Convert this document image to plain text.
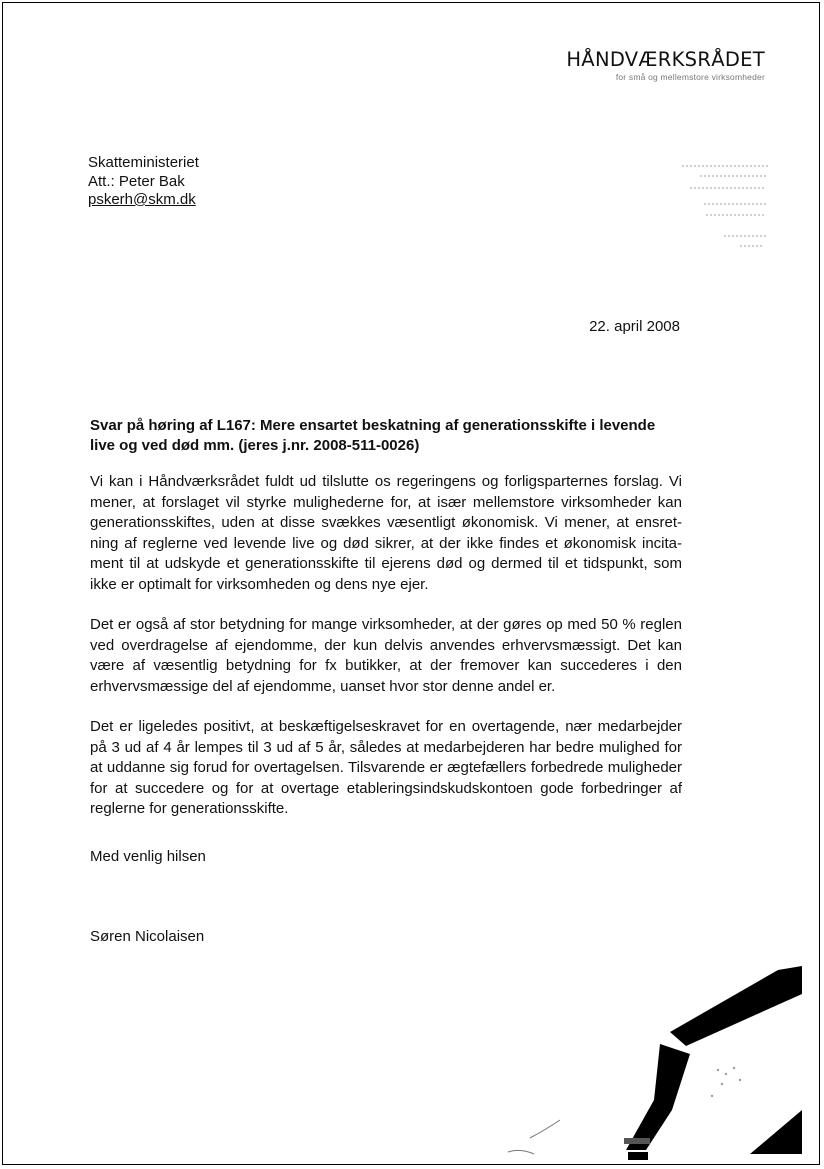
HÅNDVÆRKSRÅDET
for små og mellemstore virksomheder
Skatteministeriet
Att.: Peter Bak
pskerh@skm.dk
22. april 2008
Svar på høring af L167: Mere ensartet beskatning af generationsskifte i levende live og ved død mm. (jeres j.nr. 2008-511-0026)

Vi kan i Håndværksrådet fuldt ud tilslutte os regeringens og forligsparternes forslag. Vi mener, at forslaget vil styrke mulighederne for, at især mellemstore virksomheder kan generationsskiftes, uden at disse svækkes væsentligt økonomisk. Vi mener, at ensretning af reglerne ved levende live og død sikrer, at der ikke findes et økonomisk incitament til at udskyde et generationsskifte til ejerens død og dermed til et tidspunkt, som ikke er optimalt for virksomheden og dens nye ejer.

Det er også af stor betydning for mange virksomheder, at der gøres op med 50 % reglen ved overdragelse af ejendomme, der kun delvis anvendes erhvervsmæssigt. Det kan være af væsentlig betydning for fx butikker, at der fremover kan succederes i den erhvervsmæssige del af ejendomme, uanset hvor stor denne andel er.

Det er ligeledes positivt, at beskæftigelseskravet for en overtagende, nær medarbejder på 3 ud af 4 år lempes til 3 ud af 5 år, således at medarbejderen har bedre mulighed for at uddanne sig forud for overtagelsen. Tilsvarende er ægtefællers forbedrede muligheder for at succedere og for at overtage etableringsindskudskontoen gode forbedringer af reglerne for generationsskifte.

Med venlig hilsen
Søren Nicolaisen
